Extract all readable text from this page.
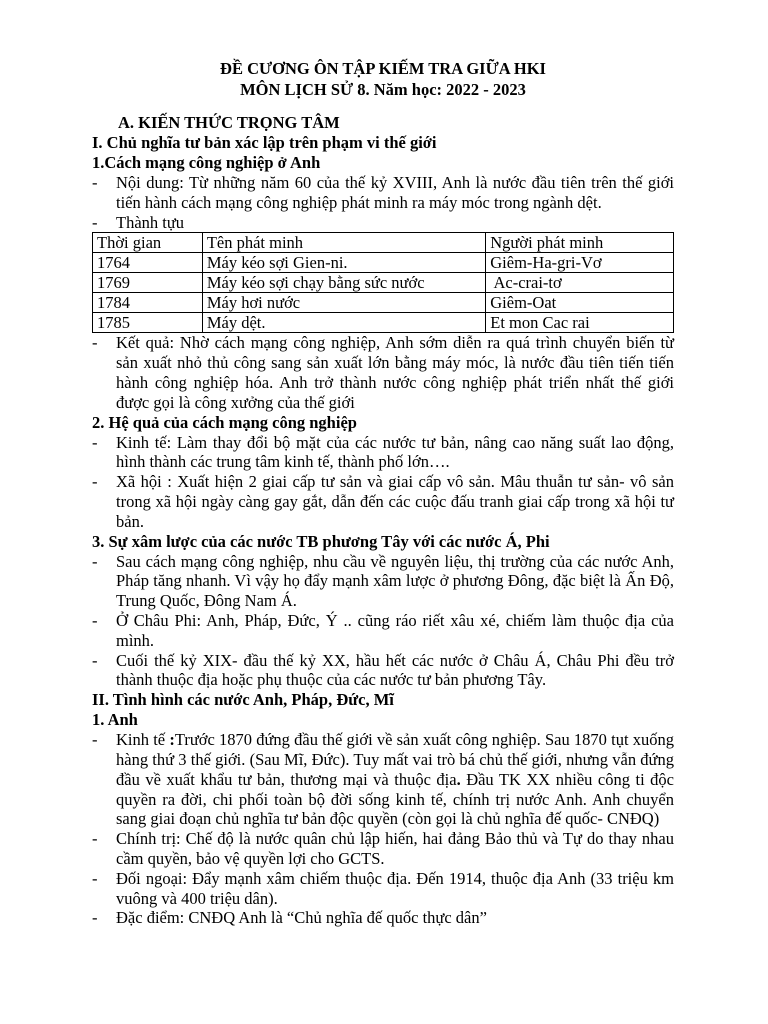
ĐỀ CƯƠNG ÔN TẬP KIẾM TRA GIỮA HKI
MÔN LỊCH SỬ 8. Năm học: 2022 - 2023
A. KIẾN THỨC TRỌNG TÂM
I. Chủ nghĩa tư bản xác lập trên phạm vi thế giới
1.Cách mạng công nghiệp ở Anh
- Nội dung: Từ những năm 60 của thế kỷ XVIII, Anh là nước đầu tiên trên thế giới tiến hành cách mạng công nghiệp phát minh ra máy móc trong ngành dệt.
- Thành tựu
Thời gian	Tên phát minh	Người phát minh
1764	Máy kéo sợi Gien-ni.	Giêm-Ha-gri-Vơ
1769	Máy kéo sợi chạy bằng sức nước	Ac-crai-tơ
1784	Máy hơi nước	Giêm-Oat
1785	Máy dệt.	Et mon Cac rai
- Kết quả: Nhờ cách mạng công nghiệp, Anh sớm diễn ra quá trình chuyển biến từ sản xuất nhỏ thủ công sang sản xuất lớn bằng máy móc, là nước đầu tiên tiến tiến hành công nghiệp hóa. Anh trở thành nước công nghiệp phát triển nhất thế giới được gọi là công xưởng của thế giới
2. Hệ quả của cách mạng công nghiệp
- Kinh tế: Làm thay đổi bộ mặt của các nước tư bản, nâng cao năng suất lao động, hình thành các trung tâm kinh tế, thành phố lớn….
- Xã hội : Xuất hiện 2 giai cấp tư sản và giai cấp vô sản. Mâu thuẫn tư sản- vô sản trong xã hội ngày càng gay gắt, dẫn đến các cuộc đấu tranh giai cấp trong xã hội tư bản.
3. Sự xâm lược của các nước TB phương Tây với các nước Á, Phi
- Sau cách mạng công nghiệp, nhu cầu về nguyên liệu, thị trường của các nước Anh, Pháp tăng nhanh. Vì vậy họ đẩy mạnh xâm lược ở phương Đông, đặc biệt là Ấn Độ, Trung Quốc, Đông Nam Á.
- Ở Châu Phi: Anh, Pháp, Đức, Ý .. cũng ráo riết xâu xé, chiếm làm thuộc địa của mình.
- Cuối thế kỷ XIX- đầu thế kỷ XX, hầu hết các nước ở Châu Á, Châu Phi đều trở thành thuộc địa hoặc phụ thuộc của các nước tư bản phương Tây.
II. Tình hình các nước Anh, Pháp, Đức, Mĩ
1. Anh
- Kinh tế :Trước 1870 đứng đầu thế giới về sản xuất công nghiệp. Sau 1870 tụt xuống hàng thứ 3 thế giới. (Sau Mĩ, Đức). Tuy mất vai trò bá chủ thế giới, nhưng vẫn đứng đầu về xuất khẩu tư bản, thương mại và thuộc địa. Đầu TK XX nhiều công ti độc quyền ra đời, chi phối toàn bộ đời sống kinh tế, chính trị nước Anh. Anh chuyển sang giai đoạn chủ nghĩa tư bản độc quyền (còn gọi là chủ nghĩa đế quốc- CNĐQ)
- Chính trị: Chế độ là nước quân chủ lập hiến, hai đảng Bảo thủ và Tự do thay nhau cầm quyền, bảo vệ quyền lợi cho GCTS.
- Đối ngoại: Đẩy mạnh xâm chiếm thuộc địa. Đến 1914, thuộc địa Anh (33 triệu km vuông và 400 triệu dân).
- Đặc điểm: CNĐQ Anh là “Chủ nghĩa đế quốc thực dân”
